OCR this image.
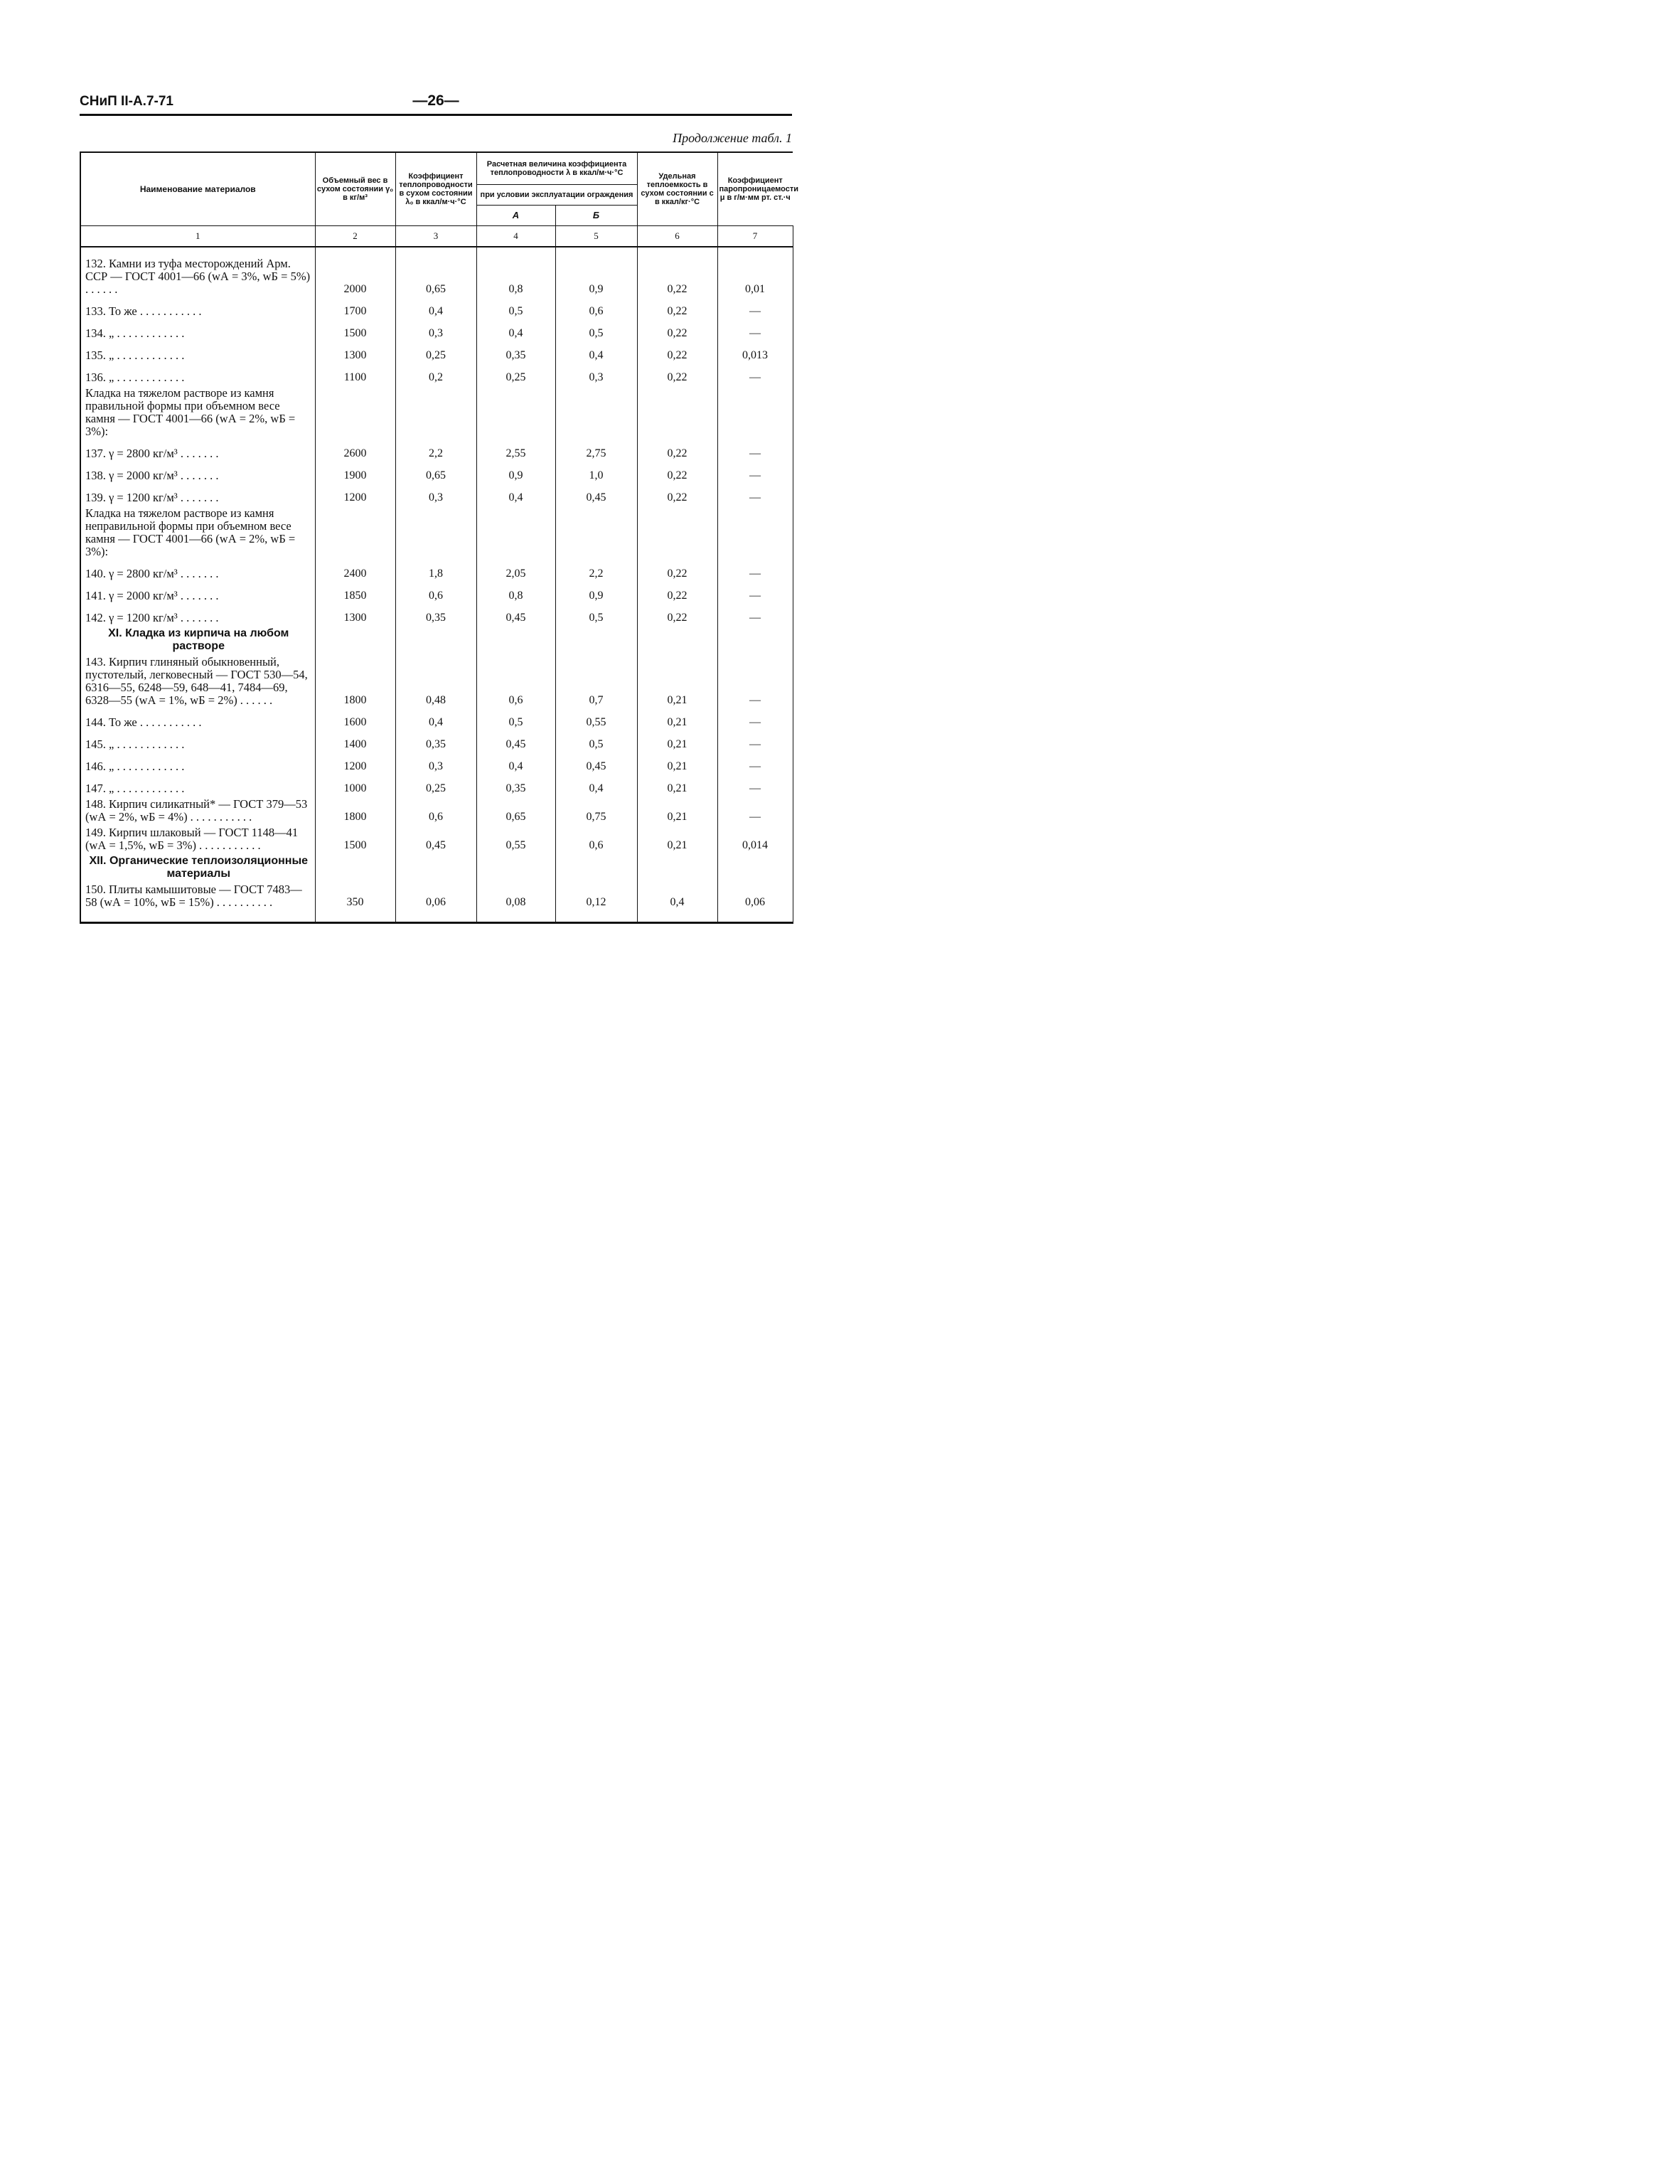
СНиП II-А.7-71	—26—
Продолжение табл. 1
Наименование материалов	Объемный вес в сухом состоянии γ₀ в кг/м³	Коэффициент теплопроводности в сухом состоянии λ₀ в ккал/м·ч·°С	Расчетная величина коэффициента теплопроводности λ в ккал/м·ч·°С		Удельная теплоемкость в сухом состоянии c в ккал/кг·°С	Коэффициент паропроницаемости μ в г/м·мм рт. ст.·ч
			при условии эксплуатации ограждения			
			А	Б		
1	2	3	4	5	6	7
132. Камни из туфа месторождений Арм. ССР — ГОСТ 4001—66 (wА = 3%, wБ = 5%) . . . . . .	2000	0,65	0,8	0,9	0,22	0,01
133. То же . . . . . . . . . . .	1700	0,4	0,5	0,6	0,22	—
134. „ . . . . . . . . . . . .	1500	0,3	0,4	0,5	0,22	—
135. „ . . . . . . . . . . . .	1300	0,25	0,35	0,4	0,22	0,013
136. „ . . . . . . . . . . . .	1100	0,2	0,25	0,3	0,22	—
Кладка на тяжелом растворе из камня правильной формы при объемном весе камня — ГОСТ 4001—66 (wА = 2%, wБ = 3%):						
137. γ = 2800 кг/м³ . . . . . . .	2600	2,2	2,55	2,75	0,22	—
138. γ = 2000 кг/м³ . . . . . . .	1900	0,65	0,9	1,0	0,22	—
139. γ = 1200 кг/м³ . . . . . . .	1200	0,3	0,4	0,45	0,22	—
Кладка на тяжелом растворе из камня неправильной формы при объемном весе камня — ГОСТ 4001—66 (wА = 2%, wБ = 3%):						
140. γ = 2800 кг/м³ . . . . . . .	2400	1,8	2,05	2,2	0,22	—
141. γ = 2000 кг/м³ . . . . . . .	1850	0,6	0,8	0,9	0,22	—
142. γ = 1200 кг/м³ . . . . . . .	1300	0,35	0,45	0,5	0,22	—
XI. Кладка из кирпича на любом растворе						
143. Кирпич глиняный обыкновенный, пустотелый, легковесный — ГОСТ 530—54, 6316—55, 6248—59, 648—41, 7484—69, 6328—55 (wА = 1%, wБ = 2%) . . . . . .	1800	0,48	0,6	0,7	0,21	—
144. То же . . . . . . . . . . .	1600	0,4	0,5	0,55	0,21	—
145. „ . . . . . . . . . . . .	1400	0,35	0,45	0,5	0,21	—
146. „ . . . . . . . . . . . .	1200	0,3	0,4	0,45	0,21	—
147. „ . . . . . . . . . . . .	1000	0,25	0,35	0,4	0,21	—
148. Кирпич силикатный* — ГОСТ 379—53 (wА = 2%, wБ = 4%) . . . . . . . . . . .	1800	0,6	0,65	0,75	0,21	—
149. Кирпич шлаковый — ГОСТ 1148—41 (wА = 1,5%, wБ = 3%) . . . . . . . . . . .	1500	0,45	0,55	0,6	0,21	0,014
XII. Органические теплоизоляционные материалы						
150. Плиты камышитовые — ГОСТ 7483—58 (wА = 10%, wБ = 15%) . . . . . . . . . .	350	0,06	0,08	0,12	0,4	0,06
